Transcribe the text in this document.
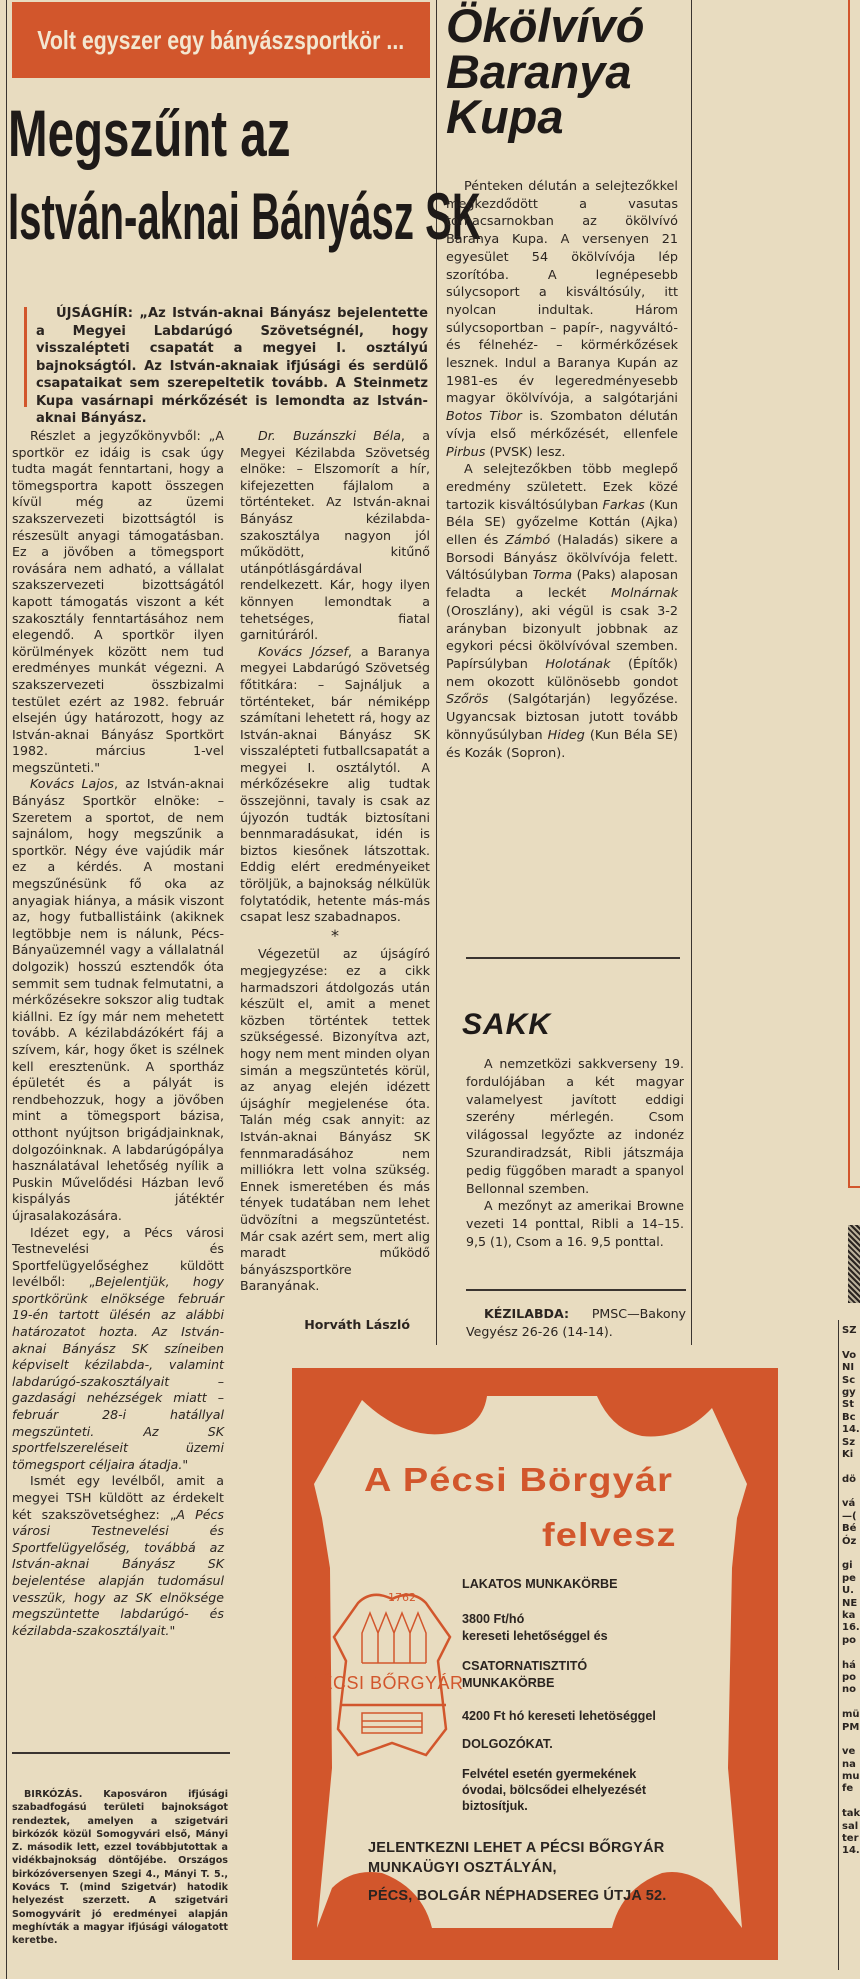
Volt egyszer egy bányászsportkör ...
Megszűnt az
István-aknai Bányász SK
ÚJSÁGHÍR: „Az István-aknai Bányász bejelentette a Megyei Labdarúgó Szövetségnél, hogy visszalépteti csapatát a megyei I. osztályú bajnokságtól. Az István-aknaiak ifjúsági és serdülő csapataikat sem szerepeltetik tovább. A Steinmetz Kupa vasárnapi mérkőzését is lemondta az István-aknai Bányász.

Részlet a jegyzőkönyvből: „A sportkör ez idáig is csak úgy tudta magát fenntartani, hogy a tömegsportra kapott összegen kívül még az üzemi szakszervezeti bizottságtól is részesült anyagi támogatásban. Ez a jövőben a tömegsport rovására nem adható, a vállalat szakszervezeti bizottságától kapott támogatás viszont a két szakosztály fenntartásához nem elegendő. A sportkör ilyen körülmények között nem tud eredményes munkát végezni. A szakszervezeti összbizalmi testület ezért az 1982. február elsején úgy határozott, hogy az István-aknai Bányász Sportkört 1982. március 1-vel megszünteti."

Kovács Lajos, az István-aknai Bányász Sportkör elnöke: – Szeretem a sportot, de nem sajnálom, hogy megszűnik a sportkör. Négy éve vajúdik már ez a kérdés. A mostani megszűnésünk fő oka az anyagiak hiánya, a másik viszont az, hogy futballistáink (akiknek legtöbbje nem is nálunk, Pécs-Bányaüzemnél vagy a vállalatnál dolgozik) hosszú esztendők óta semmit sem tudnak felmutatni, a mérkőzésekre sokszor alig tudtak kiállni. Ez így már nem mehetett tovább. A kézilabdázókért fáj a szívem, kár, hogy őket is szélnek kell eresztenünk. A sportház épületét és a pályát is rendbehozzuk, hogy a jövőben mint a tömegsport bázisa, otthont nyújtson brigádjainknak, dolgozóinknak. A labdarúgópálya használatával lehetőség nyílik a Puskin Művelődési Házban levő kispályás játéktér újrasalakozására.

Idézet egy, a Pécs városi Testnevelési és Sportfelügyelőséghez küldött levélből: „Bejelentjük, hogy sportkörünk elnöksége február 19-én tartott ülésén az alábbi határozatot hozta. Az István-aknai Bányász SK színeiben képviselt kézilabda-, valamint labdarúgó-szakosztályait – gazdasági nehézségek miatt – február 28-i hatállyal megszünteti. Az SK sportfelszereléseit üzemi tömegsport céljaira átadja."

Ismét egy levélből, amit a megyei TSH küldött az érdekelt két szakszövetséghez: „A Pécs városi Testnevelési és Sportfelügyelőség, továbbá az István-aknai Bányász SK bejelentése alapján tudomásul vesszük, hogy az SK elnöksége megszüntette labdarúgó- és kézilabda-szakosztályait."

Dr. Buzánszki Béla, a Megyei Kézilabda Szövetség elnöke: – Elszomorít a hír, kifejezetten fájlalom a történteket. Az István-aknai Bányász kézilabda-szakosztálya nagyon jól működött, kitűnő utánpótlásgárdával rendelkezett. Kár, hogy ilyen könnyen lemondtak a tehetséges, fiatal garnitúráról.

Kovács József, a Baranya megyei Labdarúgó Szövetség főtitkára: – Sajnáljuk a történteket, bár némiképp számítani lehetett rá, hogy az István-aknai Bányász SK visszalépteti futballcsapatát a megyei I. osztálytól. A mérkőzésekre alig tudtak összejönni, tavaly is csak az újyozón tudták biztosítani bennmaradásukat, idén is biztos kiesőnek látszottak. Eddig elért eredményeiket töröljük, a bajnokság nélkülük folytatódik, hetente más-más csapat lesz szabadnapos.

*

Végezetül az újságíró megjegyzése: ez a cikk harmadszori átdolgozás után készült el, amit a menet közben történtek tettek szükségessé. Bizonyítva azt, hogy nem ment minden olyan simán a megszüntetés körül, az anyag elején idézett újsághír megjelenése óta. Talán még csak annyit: az István-aknai Bányász SK fennmaradásához nem milliókra lett volna szükség. Ennek ismeretében és más tények tudatában nem lehet üdvözítni a megszüntetést. Már csak azért sem, mert alig maradt működő bányászsportköre Baranyának.

Horváth László

BIRKÓZÁS. Kaposváron ifjúsági szabadfogású területi bajnokságot rendeztek, amelyen a szigetvári birkózók közül Somogyvári első, Mányi Z. második lett, ezzel továbbjutottak a vidékbajnokság döntőjébe. Országos birkózóversenyen Szegi 4., Mányi T. 5., Kovács T. (mind Szigetvár) hatodik helyezést szerzett. A szigetvári Somogyvárit jó eredményei alapján meghívták a magyar ifjúsági válogatott keretbe.

Ökölvívó
Baranya
Kupa

Pénteken délután a selejtezőkkel megkezdődött a vasutas tornacsarnokban az ökölvívó Baranya Kupa. A versenyen 21 egyesület 54 ökölvívója lép szorítóba. A legnépesebb súlycsoport a kisváltósúly, itt nyolcan indultak. Három súlycsoportban – papír-, nagyváltó- és félnehéz- – körmérkőzések lesznek. Indul a Baranya Kupán az 1981-es év legeredményesebb magyar ökölvívója, a salgótarjáni Botos Tibor is. Szombaton délután vívja első mérkőzését, ellenfele Pirbus (PVSK) lesz.

A selejtezőkben több meglepő eredmény született. Ezek közé tartozik kisváltósúlyban Farkas (Kun Béla SE) győzelme Kottán (Ajka) ellen és Zámbó (Haladás) sikere a Borsodi Bányász ökölvívója felett. Váltósúlyban Torma (Paks) alaposan feladta a leckét Molnárnak (Oroszlány), aki végül is csak 3-2 arányban bizonyult jobbnak az egykori pécsi ökölvívóval szemben. Papírsúlyban Holotának (Építők) nem okozott különösebb gondot Szőrös (Salgótarján) legyőzése. Ugyancsak biztosan jutott tovább könnyűsúlyban Hideg (Kun Béla SE) és Kozák (Sopron).

SAKK

A nemzetközi sakkverseny 19. fordulójában a két magyar valamelyest javított eddigi szerény mérlegén. Csom világossal legyőzte az indonéz Szurandiradzsát, Ribli játszmája pedig függőben maradt a spanyol Bellonnal szemben.

A mezőnyt az amerikai Browne vezeti 14 ponttal, Ribli a 14–15. 9,5 (1), Csom a 16. 9,5 ponttal.

KÉZILABDA: PMSC—Bakony Vegyész 26-26 (14-14).	SZ
Vo
NI
Sc
gy
St
Bc
14.
Sz
Ki
dö
vá
—(
Bé
Óz
gi
pe
U.
NE
ka
16.
po
há
po
no
mü
PM
ve
na
mu
fe
tak
sal
ter
14.
A Pécsi Börgyár
felvesz
1762
PÉCSI BŐRGYÁR
LAKATOS MUNKAKÖRBE
3800 Ft/hó
kereseti lehetőséggel és
CSATORNATISZTITÓ
MUNKAKÖRBE
4200 Ft hó kereseti lehetöséggel
DOLGOZÓKAT.
Felvétel esetén gyermekének
óvodai, bölcsődei elhelyezését
biztosítjuk.
JELENTKEZNI LEHET A PÉCSI BŐRGYÁR
MUNKAÜGYI OSZTÁLYÁN,
PÉCS, BOLGÁR NÉPHADSEREG ÚTJA 52.
